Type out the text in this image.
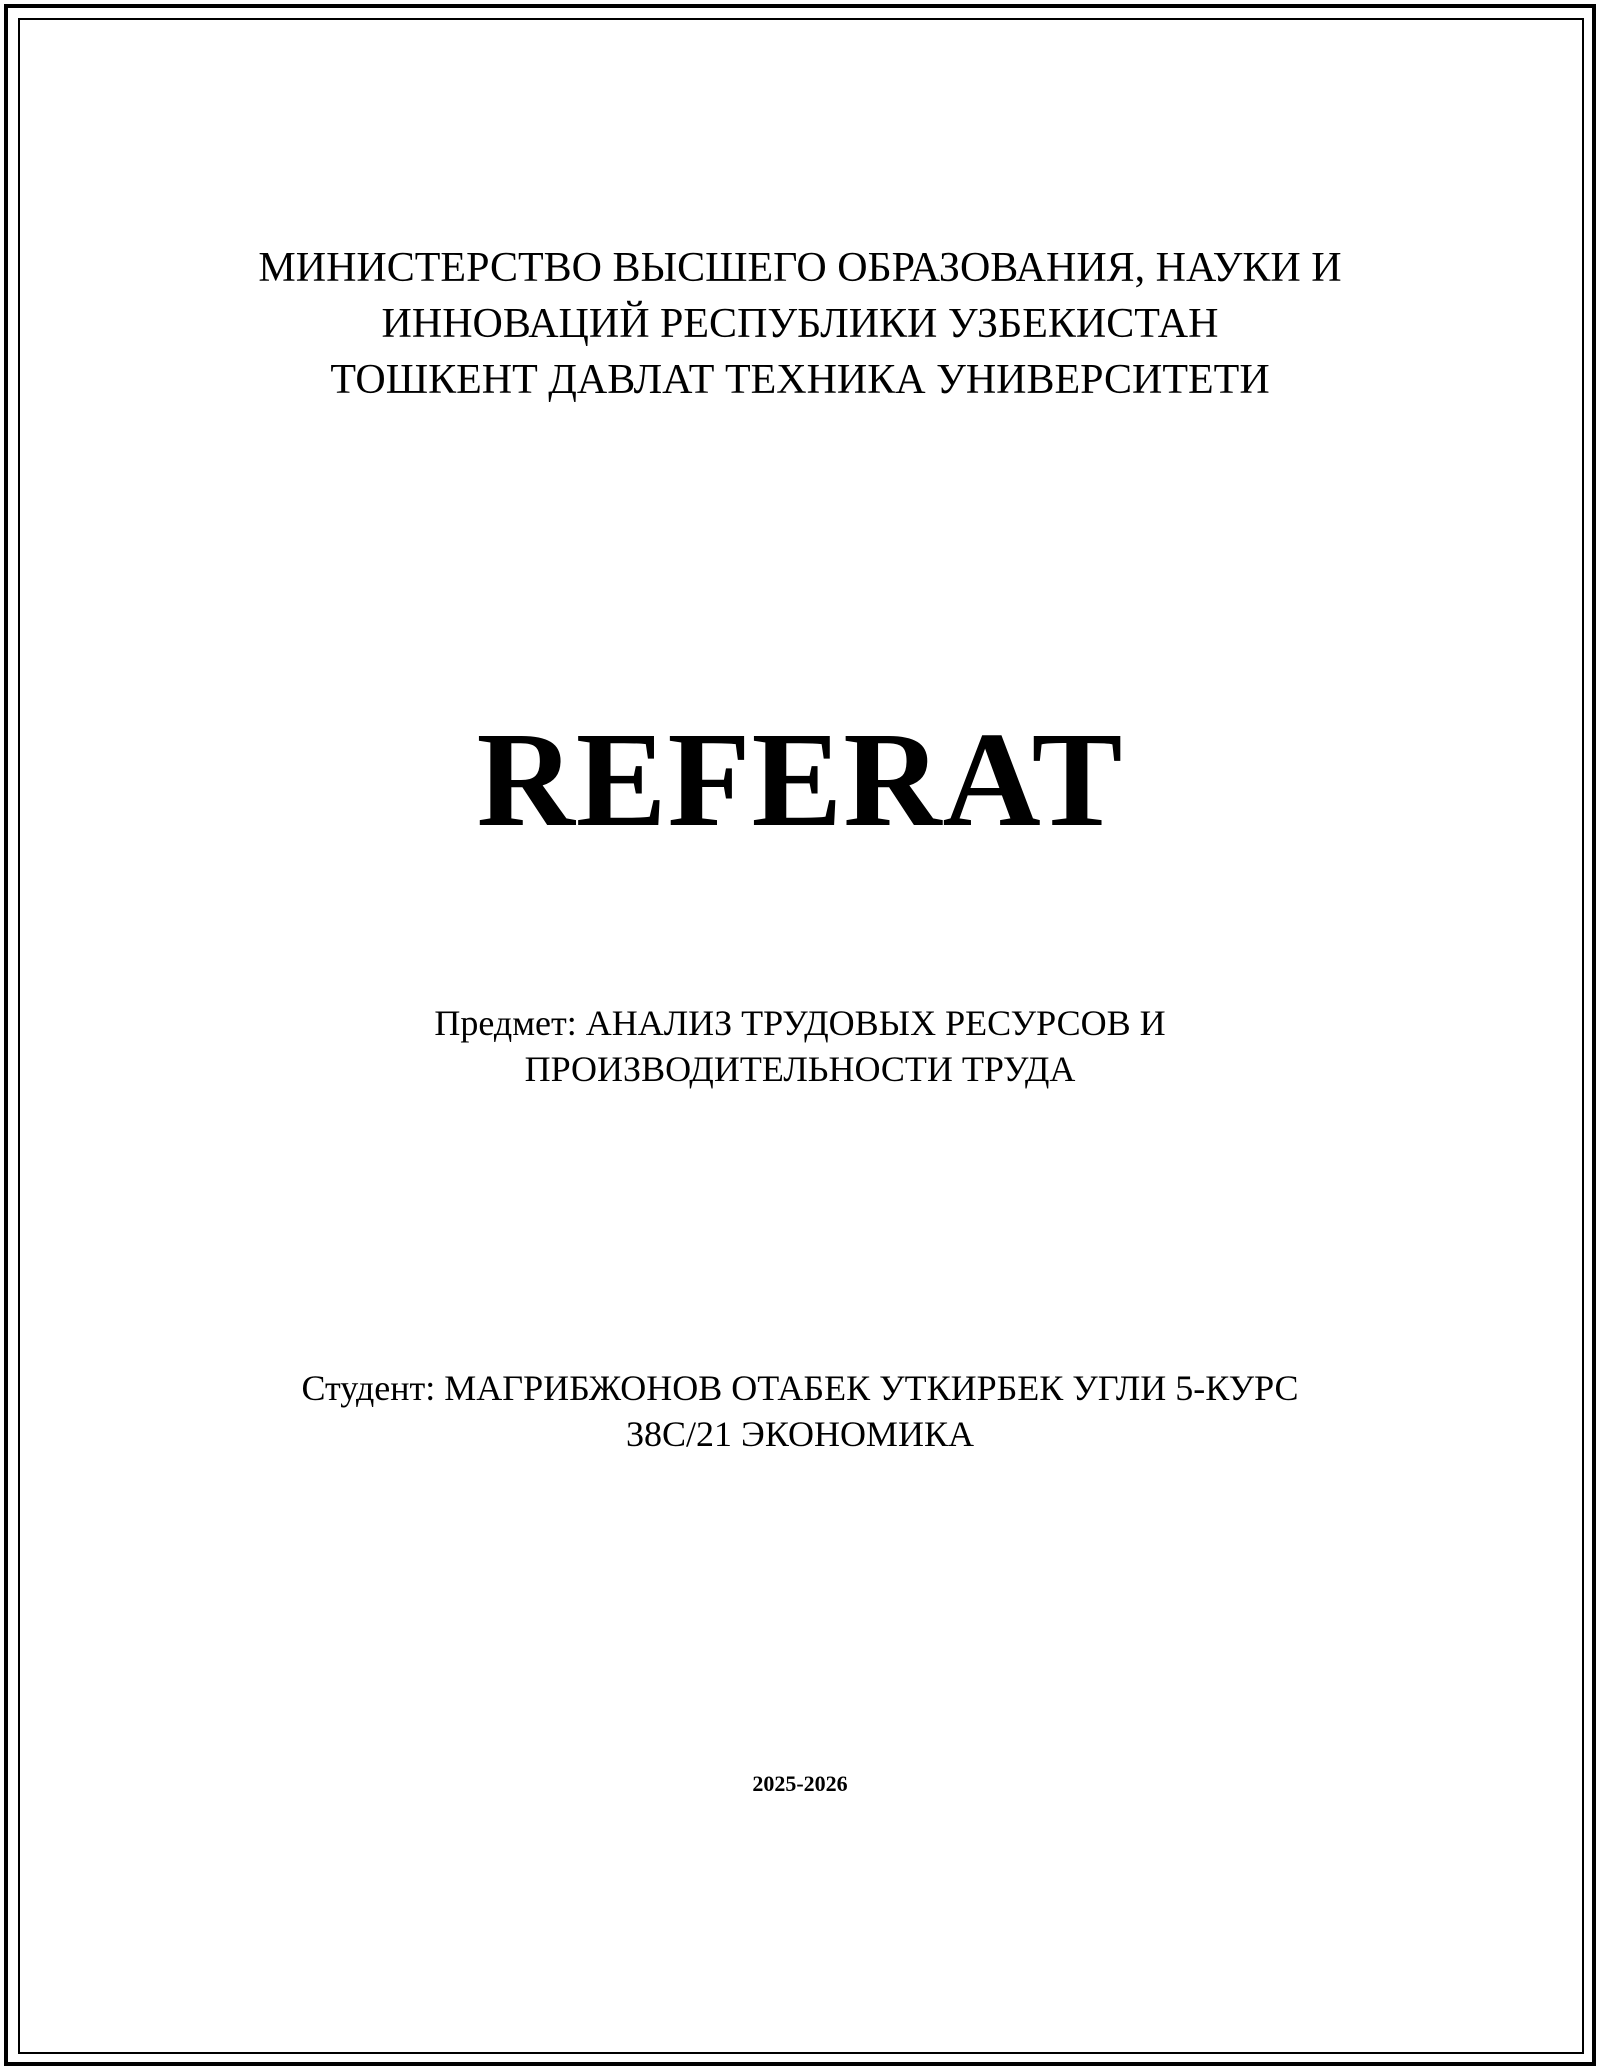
МИНИСТЕРСТВО ВЫСШЕГО ОБРАЗОВАНИЯ, НАУКИ И
ИННОВАЦИЙ РЕСПУБЛИКИ УЗБЕКИСТАН
ТОШКЕНТ ДАВЛАТ ТЕХНИКА УНИВЕРСИТЕТИ
REFERAT
Предмет: АНАЛИЗ ТРУДОВЫХ РЕСУРСОВ И
ПРОИЗВОДИТЕЛЬНОСТИ ТРУДА
Студент: МАГРИБЖОНОВ ОТАБЕК УТКИРБЕК УГЛИ 5-КУРС
38С/21 ЭКОНОМИКА
2025-2026
